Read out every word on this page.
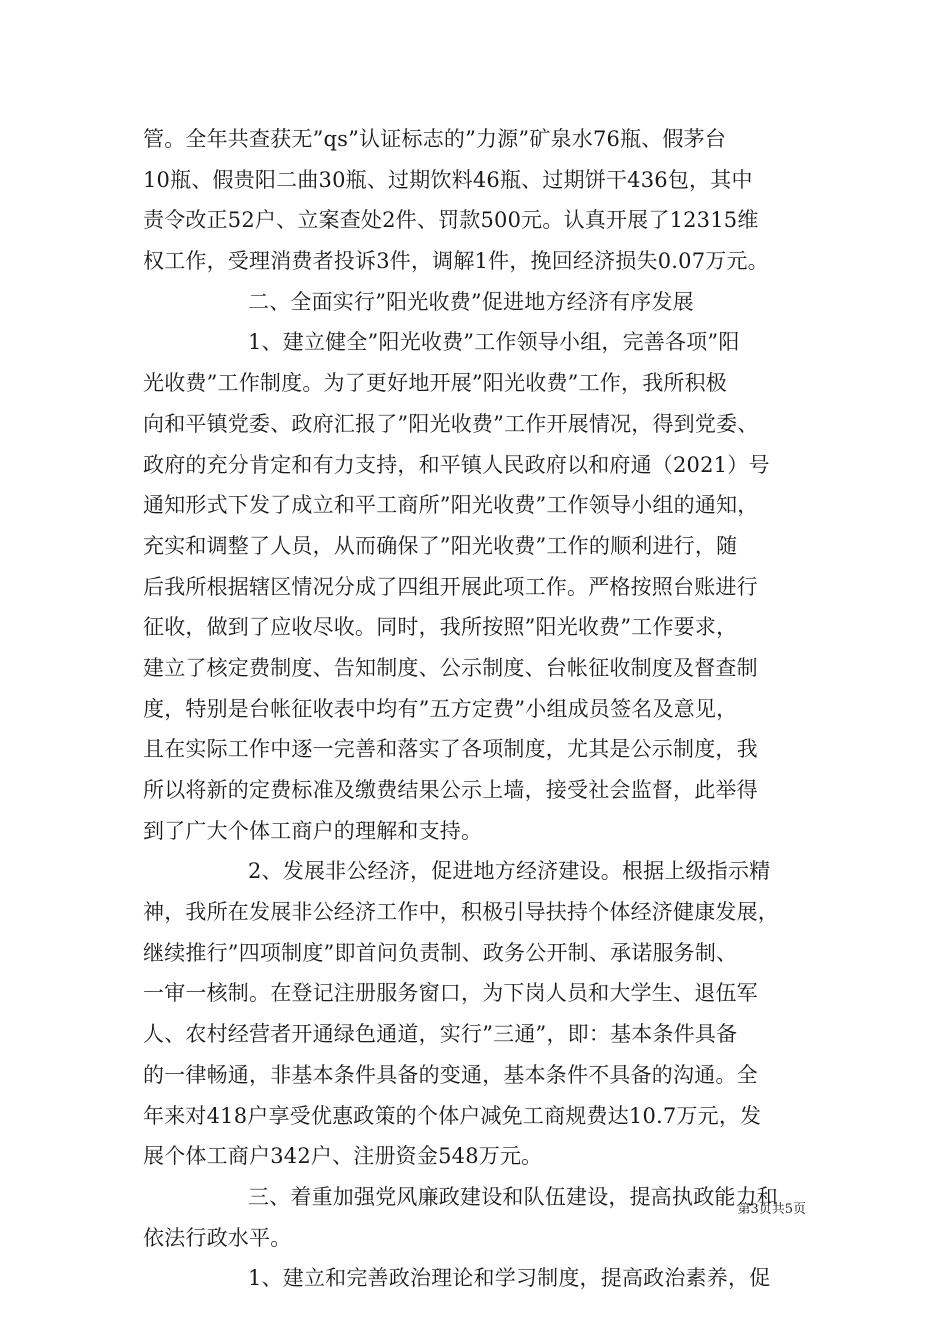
管。全年共查获无”qs”认证标志的”力源”矿泉水76瓶、假茅台
10瓶、假贵阳二曲30瓶、过期饮料46瓶、过期饼干436包，其中
责令改正52户、立案查处2件、罚款500元。认真开展了12315维
权工作，受理消费者投诉3件，调解1件，挽回经济损失0.07万元。
二、全面实行”阳光收费”促进地方经济有序发展
1、建立健全”阳光收费”工作领导小组，完善各项”阳
光收费”工作制度。为了更好地开展”阳光收费”工作，我所积极
向和平镇党委、政府汇报了”阳光收费”工作开展情况，得到党委、
政府的充分肯定和有力支持，和平镇人民政府以和府通（2021）号
通知形式下发了成立和平工商所”阳光收费”工作领导小组的通知，
充实和调整了人员，从而确保了”阳光收费”工作的顺利进行，随
后我所根据辖区情况分成了四组开展此项工作。严格按照台账进行
征收，做到了应收尽收。同时，我所按照”阳光收费”工作要求，
建立了核定费制度、告知制度、公示制度、台帐征收制度及督查制
度，特别是台帐征收表中均有”五方定费”小组成员签名及意见，
且在实际工作中逐一完善和落实了各项制度，尤其是公示制度，我
所以将新的定费标准及缴费结果公示上墙，接受社会监督，此举得
到了广大个体工商户的理解和支持。
2、发展非公经济，促进地方经济建设。根据上级指示精
神，我所在发展非公经济工作中，积极引导扶持个体经济健康发展，
继续推行”四项制度”即首问负责制、政务公开制、承诺服务制、
一审一核制。在登记注册服务窗口，为下岗人员和大学生、退伍军
人、农村经营者开通绿色通道，实行”三通”，即：基本条件具备
的一律畅通，非基本条件具备的变通，基本条件不具备的沟通。全
年来对418户享受优惠政策的个体户减免工商规费达10.7万元，发
展个体工商户342户、注册资金548万元。
三、着重加强党风廉政建设和队伍建设，提高执政能力和
依法行政水平。
1、建立和完善政治理论和学习制度，提高政治素养，促
第3页共5页
